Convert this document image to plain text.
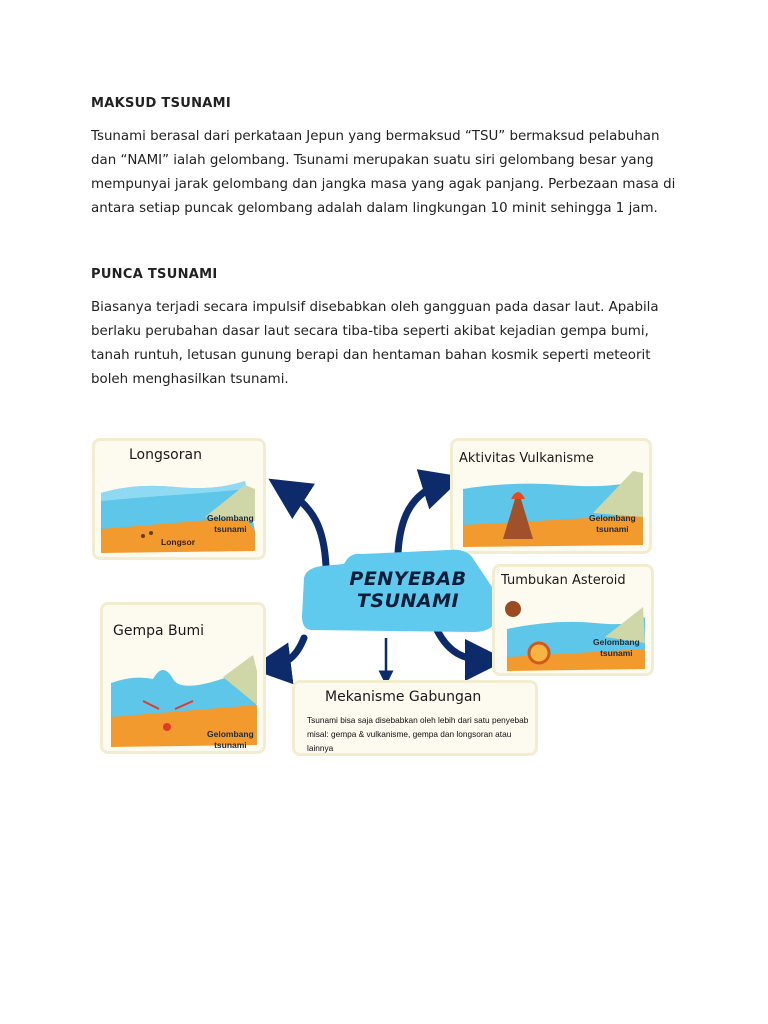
MAKSUD TSUNAMI
Tsunami berasal dari perkataan Jepun yang bermaksud “TSU” bermaksud pelabuhan
dan “NAMI” ialah gelombang. Tsunami merupakan suatu siri gelombang besar yang
mempunyai jarak gelombang dan jangka masa yang agak panjang. Perbezaan masa di
antara setiap puncak gelombang adalah dalam lingkungan 10 minit sehingga 1 jam.
PUNCA TSUNAMI
Biasanya terjadi secara impulsif disebabkan oleh gangguan pada dasar laut. Apabila
berlaku perubahan dasar laut secara tiba-tiba seperti akibat kejadian gempa bumi,
tanah runtuh, letusan gunung berapi dan hentaman bahan kosmik seperti meteorit
boleh menghasilkan tsunami.
Longsoran
Gelombang
tsunami
Longsor
Aktivitas Vulkanisme
Gelombang
tsunami
PENYEBAB
TSUNAMI
Tumbukan Asteroid
Gelombang
tsunami
Gempa Bumi
Gelombang
tsunami
Mekanisme Gabungan
Tsunami bisa saja disebabkan oleh lebih dari satu penyebab
misal: gempa & vulkanisme, gempa dan longsoran atau lainnya
